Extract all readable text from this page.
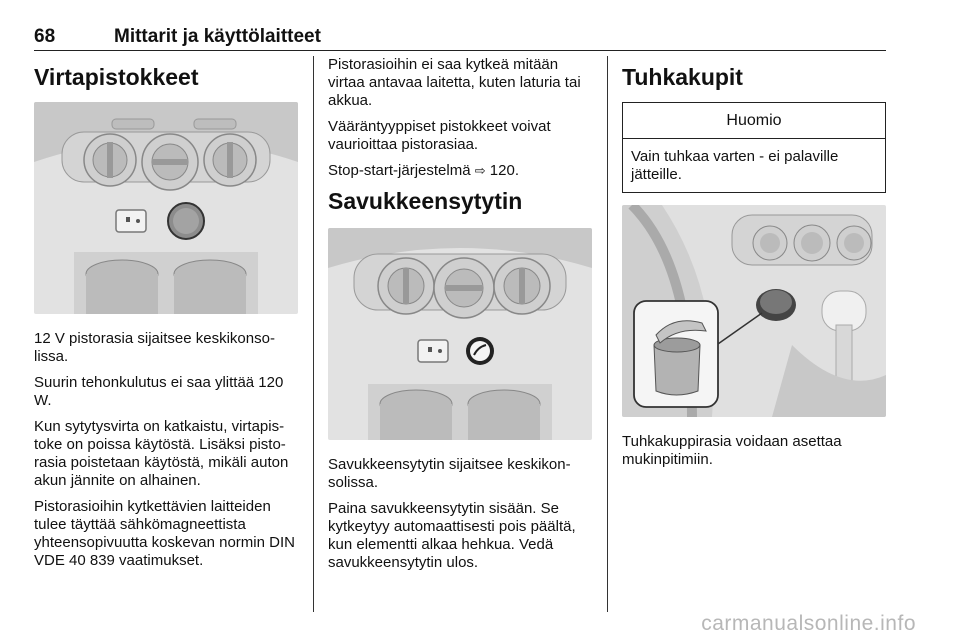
68	Mittarit ja käyttölaitteet
Virtapistokkeet

12 V pistorasia sijaitsee keskikonso-lissa.

Suurin tehonkulutus ei saa ylittää 120 W.

Kun sytytysvirta on katkaistu, virtapis-toke on poissa käytöstä. Lisäksi pisto-rasia poistetaan käytöstä, mikäli auton akun jännite on alhainen.

Pistorasioihin kytkettävien laitteiden tulee täyttää sähkömagneettista yhteensopivuutta koskevan normin DIN VDE 40 839 vaatimukset.

Pistorasioihin ei saa kytkeä mitään virtaa antavaa laitetta, kuten laturia tai akkua.

Vääräntyyppiset pistokkeet voivat vaurioittaa pistorasiaa.

Stop-start-järjestelmä ⇨ 120.

Savukkeensytytin

Savukkeensytytin sijaitsee keskikon-solissa.

Paina savukkeensytytin sisään. Se kytkeytyy automaattisesti pois päältä, kun elementti alkaa hehkua. Vedä savukkeensytytin ulos.

Tuhkakupit
Huomio
Vain tuhkaa varten - ei palaville jätteille.

Tuhkakuppirasia voidaan asettaa mukinpitimiin.

carmanualsonline.info
